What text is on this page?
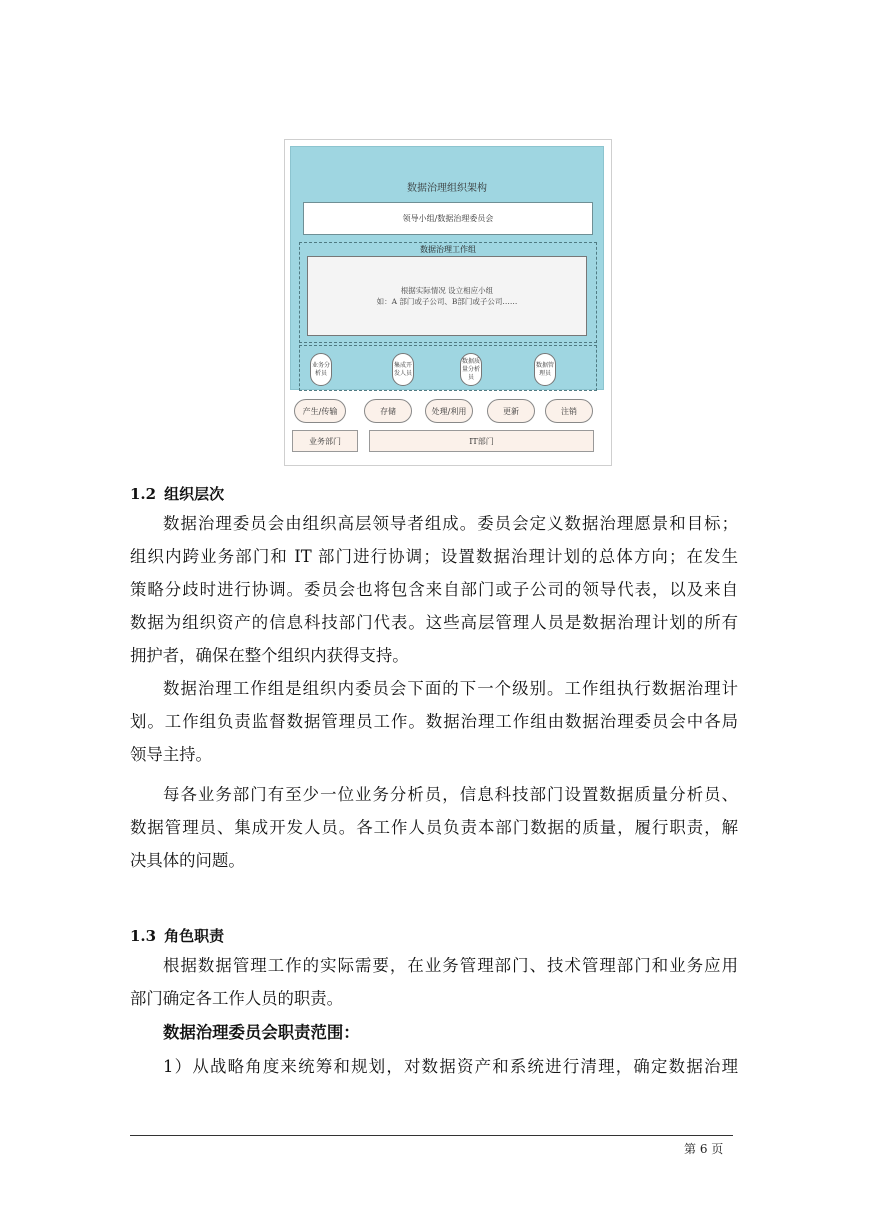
数据治理组织架构
领导小组/数据治理委员会
数据治理工作组
根据实际情况 设立相应小组
如：A 部门或子公司、B部门或子公司……
业务分
析员
集成开
发人员
数据质
量分析
员
数据管
理员
产生/传输	存储	处理/利用	更新	注销
业务部门	IT部门
1.2 组织层次
数据治理委员会由组织高层领导者组成。委员会定义数据治理愿景和目标；
组织内跨业务部门和 IT 部门进行协调；设置数据治理计划的总体方向；在发生
策略分歧时进行协调。委员会也将包含来自部门或子公司的领导代表，以及来自
数据为组织资产的信息科技部门代表。这些高层管理人员是数据治理计划的所有
拥护者，确保在整个组织内获得支持。
数据治理工作组是组织内委员会下面的下一个级别。工作组执行数据治理计
划。工作组负责监督数据管理员工作。数据治理工作组由数据治理委员会中各局
领导主持。
每各业务部门有至少一位业务分析员，信息科技部门设置数据质量分析员、
数据管理员、集成开发人员。各工作人员负责本部门数据的质量，履行职责，解
决具体的问题。
1.3 角色职责
根据数据管理工作的实际需要，在业务管理部门、技术管理部门和业务应用
部门确定各工作人员的职责。
数据治理委员会职责范围：
1）从战略角度来统筹和规划，对数据资产和系统进行清理，确定数据治理
第 6 页
